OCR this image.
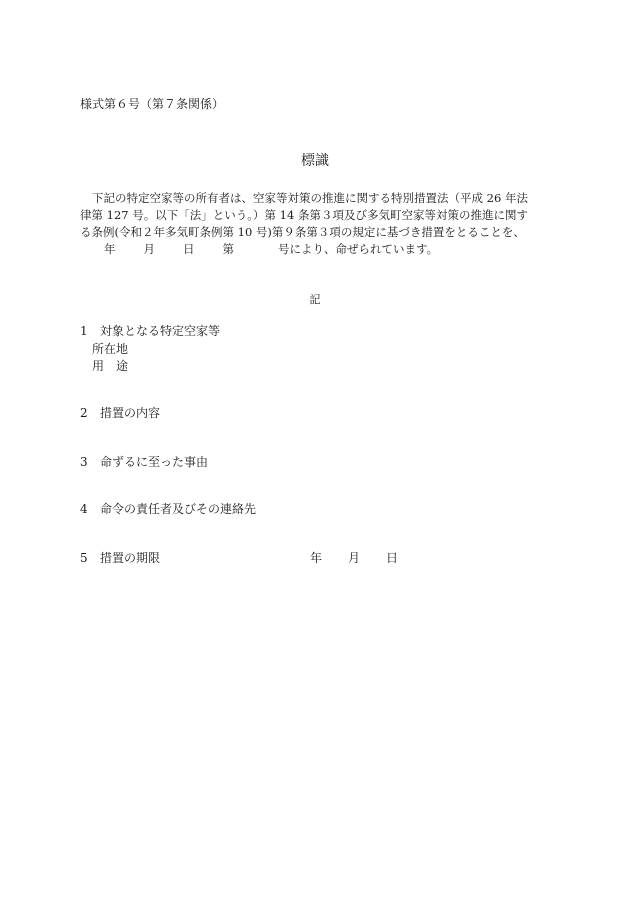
様式第６号（第７条関係）
標識

下記の特定空家等の所有者は、空家等対策の推進に関する特別措置法（平成 26 年法

律第 127 号。以下「法」という。）第 14 条第３項及び多気町空家等対策の推進に関す

る条例(令和２年多気町条例第 10 号)第９条第３項の規定に基づき措置をとることを、

年 月 日 第	号により、命ぜられています。

記
1 対象となる特定空家等
所在地
用　途
2 措置の内容
3 命ずるに至った事由
4 命令の責任者及びその連絡先
5 措置の期限	年 月 日
